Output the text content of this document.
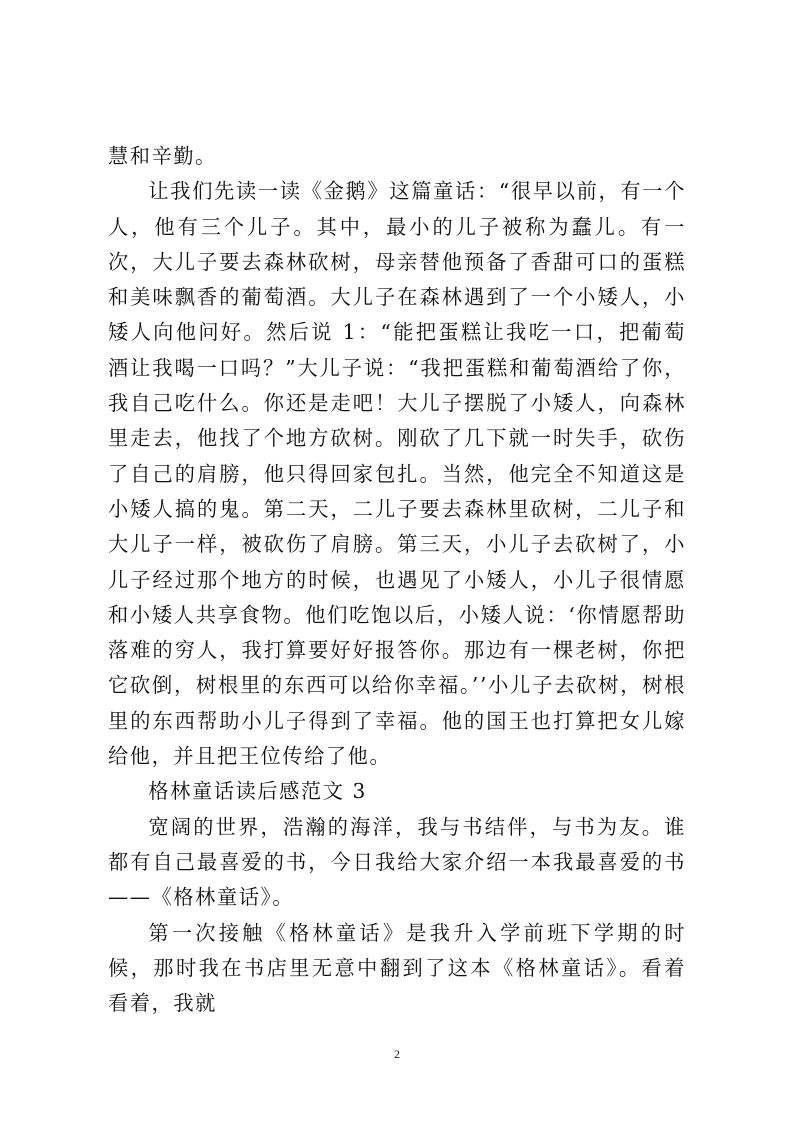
慧和辛勤。

让我们先读一读《金鹅》这篇童话：“很早以前，有一个人，他有三个儿子。其中，最小的儿子被称为蠢儿。有一次，大儿子要去森林砍树，母亲替他预备了香甜可口的蛋糕和美味飘香的葡萄酒。大儿子在森林遇到了一个小矮人，小矮人向他问好。然后说 1：“能把蛋糕让我吃一口，把葡萄酒让我喝一口吗？”大儿子说：“我把蛋糕和葡萄酒给了你，我自己吃什么。你还是走吧！大儿子摆脱了小矮人，向森林里走去，他找了个地方砍树。刚砍了几下就一时失手，砍伤了自己的肩膀，他只得回家包扎。当然，他完全不知道这是小矮人搞的鬼。第二天，二儿子要去森林里砍树，二儿子和大儿子一样，被砍伤了肩膀。第三天，小儿子去砍树了，小儿子经过那个地方的时候，也遇见了小矮人，小儿子很情愿和小矮人共享食物。他们吃饱以后，小矮人说：‘你情愿帮助落难的穷人，我打算要好好报答你。那边有一棵老树，你把它砍倒，树根里的东西可以给你幸福。’’小儿子去砍树，树根里的东西帮助小儿子得到了幸福。他的国王也打算把女儿嫁给他，并且把王位传给了他。

格林童话读后感范文 3

宽阔的世界，浩瀚的海洋，我与书结伴，与书为友。谁都有自己最喜爱的书，今日我给大家介绍一本我最喜爱的书——《格林童话》。

第一次接触《格林童话》是我升入学前班下学期的时候，那时我在书店里无意中翻到了这本《格林童话》。看着看着，我就

2
